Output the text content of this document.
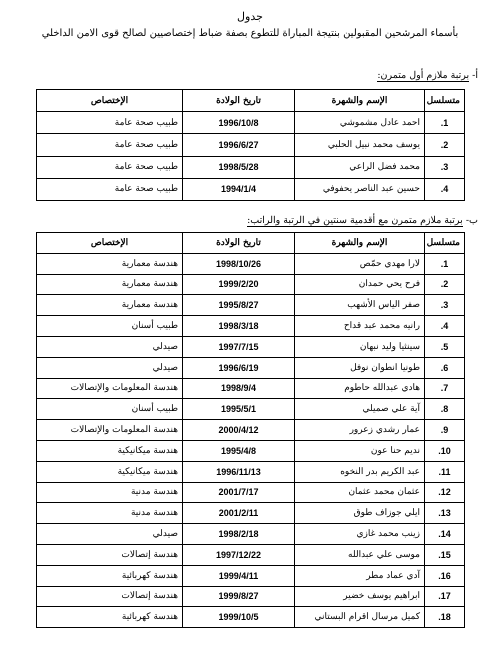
جدول
بأسماء المرشحين المقبولين بنتيجة المباراة للتطوع بصفة ضباط إختصاصيين لصالح قوى الامن الداخلي
أ- برتبة ملازم أول متمرن:
متسلسل	الإسم والشهرة	تاريخ الولادة	الإختصاص
1.	احمد عادل مشموشي	1996/10/8	طبيب صحة عامة
2.	يوسف محمد نبيل الحلبي	1996/6/27	طبيب صحة عامة
3.	محمد فضل الراعي	1998/5/28	طبيب صحة عامة
4.	حسين عبد الناصر يحفوفي	1994/1/4	طبيب صحة عامة
ب- برتبة ملازم متمرن مع أقدمية سنتين في الرتبة والراتب:
متسلسل	الإسم والشهرة	تاريخ الولادة	الإختصاص
1.	لارا مهدي حمّص	1998/10/26	هندسة معمارية
2.	فرح يحي حمدان	1999/2/20	هندسة معمارية
3.	صفر الياس الأشهب	1995/8/27	هندسة معمارية
4.	رانيه محمد عبد قداح	1998/3/18	طبيب أسنان
5.	سينثيا وليد نبهان	1997/7/15	صيدلي
6.	طونيا انطوان نوفل	1996/6/19	صيدلي
7.	هادي عبدالله حاطوم	1998/9/4	هندسة المعلومات والإتصالات
8.	آية علي صميلي	1995/5/1	طبيب أسنان
9.	عمار رشدي زعرور	2000/4/12	هندسة المعلومات والإتصالات
10.	نديم حنا عون	1995/4/8	هندسة ميكانيكية
11.	عبد الكريم بدر النخوه	1996/11/13	هندسة ميكانيكية
12.	عثمان محمد عثمان	2001/7/17	هندسة مدنية
13.	ايلي جوزاف طوق	2001/2/11	هندسة مدنية
14.	زينب محمد غازي	1998/2/18	صيدلي
15.	موسى علي عبدالله	1997/12/22	هندسة إتصالات
16.	آدي عماد مطر	1999/4/11	هندسة كهربائية
17.	ابراهيم يوسف خضير	1999/8/27	هندسة إتصالات
18.	كميل مرسال اقرام البستاني	1999/10/5	هندسة كهربائية
